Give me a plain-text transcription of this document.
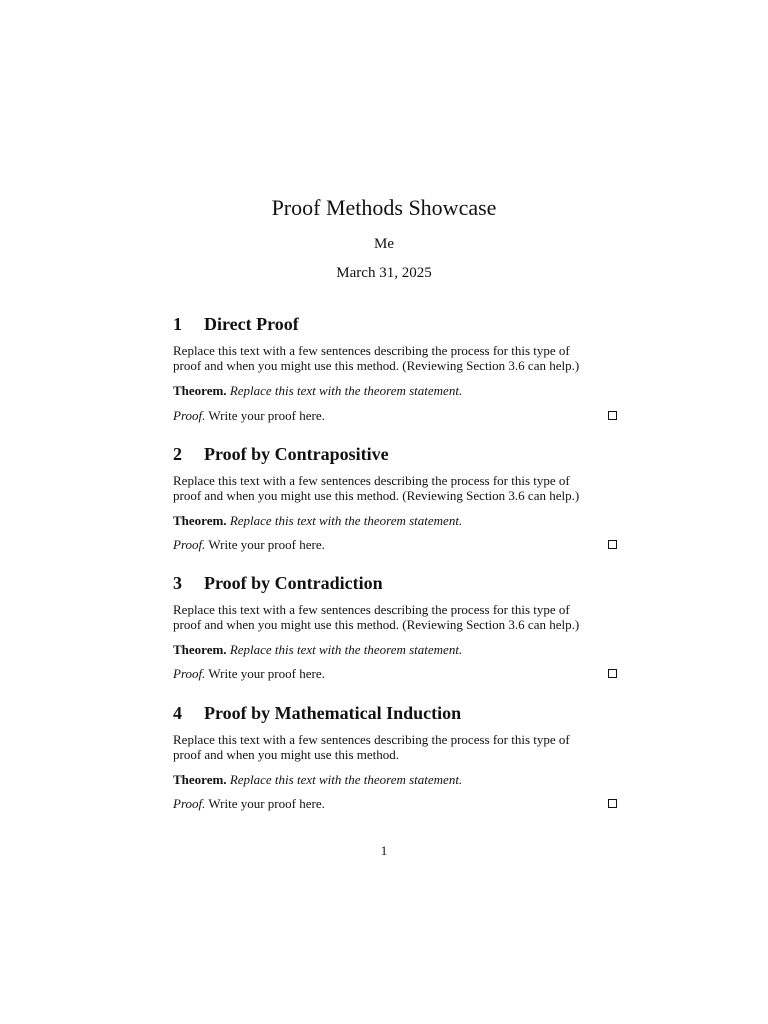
Proof Methods Showcase
Me
March 31, 2025
1 Direct Proof
Replace this text with a few sentences describing the process for this type of
proof and when you might use this method. (Reviewing Section 3.6 can help.)
Theorem. Replace this text with the theorem statement.
Proof. Write your proof here.
2 Proof by Contrapositive
Replace this text with a few sentences describing the process for this type of
proof and when you might use this method. (Reviewing Section 3.6 can help.)
Theorem. Replace this text with the theorem statement.
Proof. Write your proof here.
3 Proof by Contradiction
Replace this text with a few sentences describing the process for this type of
proof and when you might use this method. (Reviewing Section 3.6 can help.)
Theorem. Replace this text with the theorem statement.
Proof. Write your proof here.
4 Proof by Mathematical Induction
Replace this text with a few sentences describing the process for this type of
proof and when you might use this method.
Theorem. Replace this text with the theorem statement.
Proof. Write your proof here.
1
